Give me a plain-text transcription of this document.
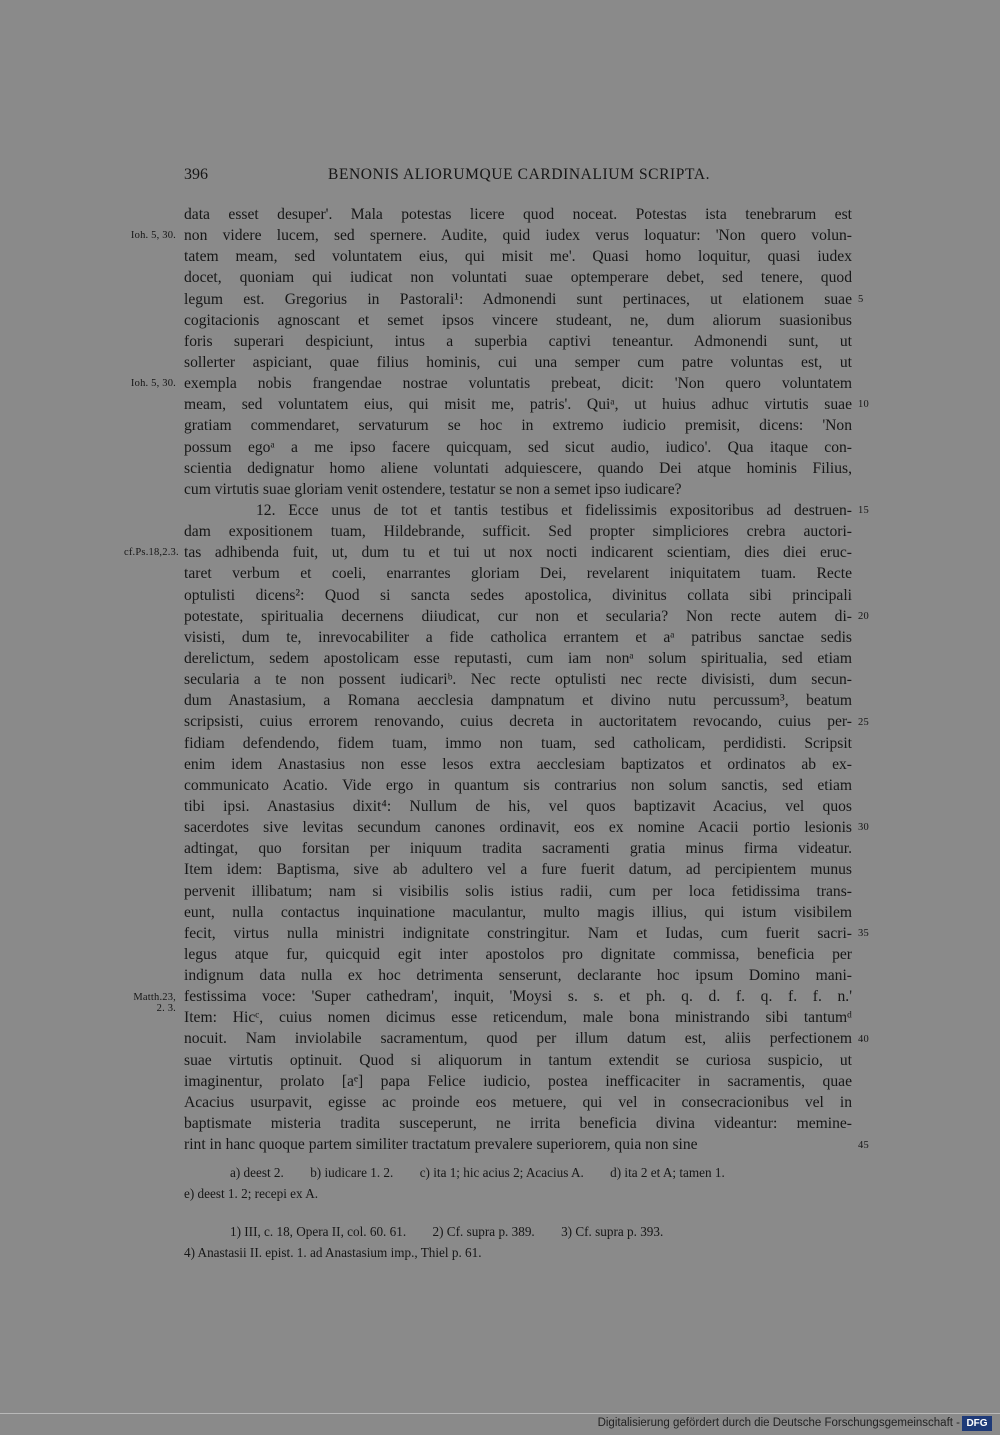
396	BENONIS ALIORUMQUE CARDINALIUM SCRIPTA.
data esset desuper'. Mala potestas licere quod noceat. Potestas ista tenebrarum est
non videre lucem, sed spernere. Audite, quid iudex verus loquatur: 'Non quero volun-
tatem meam, sed voluntatem eius, qui misit me'. Quasi homo loquitur, quasi iudex
docet, quoniam qui iudicat non voluntati suae optemperare debet, sed tenere, quod
legum est. Gregorius in Pastorali¹: Admonendi sunt pertinaces, ut elationem suae
cogitacionis agnoscant et semet ipsos vincere studeant, ne, dum aliorum suasionibus
foris superari despiciunt, intus a superbia captivi teneantur. Admonendi sunt, ut
sollerter aspiciant, quae filius hominis, cui una semper cum patre voluntas est, ut
exempla nobis frangendae nostrae voluntatis prebeat, dicit: 'Non quero voluntatem
meam, sed voluntatem eius, qui misit me, patris'. Quiᵃ, ut huius adhuc virtutis suae
gratiam commendaret, servaturum se hoc in extremo iudicio premisit, dicens: 'Non
possum egoᵃ a me ipso facere quicquam, sed sicut audio, iudico'. Qua itaque con-
scientia dedignatur homo aliene voluntati adquiescere, quando Dei atque hominis Filius,
cum virtutis suae gloriam venit ostendere, testatur se non a semet ipso iudicare?
12. Ecce unus de tot et tantis testibus et fidelissimis expositoribus ad destruen-
dam expositionem tuam, Hildebrande, sufficit. Sed propter simpliciores crebra auctori-
tas adhibenda fuit, ut, dum tu et tui ut nox nocti indicarent scientiam, dies diei eruc-
taret verbum et coeli, enarrantes gloriam Dei, revelarent iniquitatem tuam. Recte
optulisti dicens²: Quod si sancta sedes apostolica, divinitus collata sibi principali
potestate, spiritualia decernens diiudicat, cur non et secularia? Non recte autem di-
visisti, dum te, inrevocabiliter a fide catholica errantem et aᵃ patribus sanctae sedis
derelictum, sedem apostolicam esse reputasti, cum iam nonᵃ solum spiritualia, sed etiam
secularia a te non possent iudicariᵇ. Nec recte optulisti nec recte divisisti, dum secun-
dum Anastasium, a Romana aecclesia dampnatum et divino nutu percussum³, beatum
scripsisti, cuius errorem renovando, cuius decreta in auctoritatem revocando, cuius per-
fidiam defendendo, fidem tuam, immo non tuam, sed catholicam, perdidisti. Scripsit
enim idem Anastasius non esse lesos extra aecclesiam baptizatos et ordinatos ab ex-
communicato Acatio. Vide ergo in quantum sis contrarius non solum sanctis, sed etiam
tibi ipsi. Anastasius dixit⁴: Nullum de his, vel quos baptizavit Acacius, vel quos
sacerdotes sive levitas secundum canones ordinavit, eos ex nomine Acacii portio lesionis
adtingat, quo forsitan per iniquum tradita sacramenti gratia minus firma videatur.
Item idem: Baptisma, sive ab adultero vel a fure fuerit datum, ad percipientem munus
pervenit illibatum; nam si visibilis solis istius radii, cum per loca fetidissima trans-
eunt, nulla contactus inquinatione maculantur, multo magis illius, qui istum visibilem
fecit, virtus nulla ministri indignitate constringitur. Nam et Iudas, cum fuerit sacri-
legus atque fur, quicquid egit inter apostolos pro dignitate commissa, beneficia per
indignum data nulla ex hoc detrimenta senserunt, declarante hoc ipsum Domino mani-
festissima voce: 'Super cathedram', inquit, 'Moysi s. s. et ph. q. d. f. q. f. f. n.'
Item: Hicᶜ, cuius nomen dicimus esse reticendum, male bona ministrando sibi tantumᵈ
nocuit. Nam inviolabile sacramentum, quod per illum datum est, aliis perfectionem
suae virtutis optinuit. Quod si aliquorum in tantum extendit se curiosa suspicio, ut
imaginentur, prolato [aᵉ] papa Felice iudicio, postea inefficaciter in sacramentis, quae
Acacius usurpavit, egisse ac proinde eos metuere, qui vel in consecracionibus vel in
baptismate misteria tradita susceperunt, ne irrita beneficia divina videantur: memine-
rint in hanc quoque partem similiter tractatum prevalere superiorem, quia non sine
Ioh. 5, 30.
Ioh. 5, 30.
cf.Ps.18,2.3.
Matth.23, 2. 3.
5
10
15
20
25
30
35
40
45
a) deest 2.  b) iudicare 1. 2.  c) ita 1; hic acius 2; Acacius A.  d) ita 2 et A; tamen 1.
e) deest 1. 2; recepi ex A.
1) III, c. 18, Opera II, col. 60. 61.  2) Cf. supra p. 389.  3) Cf. supra p. 393.
4) Anastasii II. epist. 1. ad Anastasium imp., Thiel p. 61.
Digitalisierung gefördert durch die Deutsche Forschungsgemeinschaft - DFG
